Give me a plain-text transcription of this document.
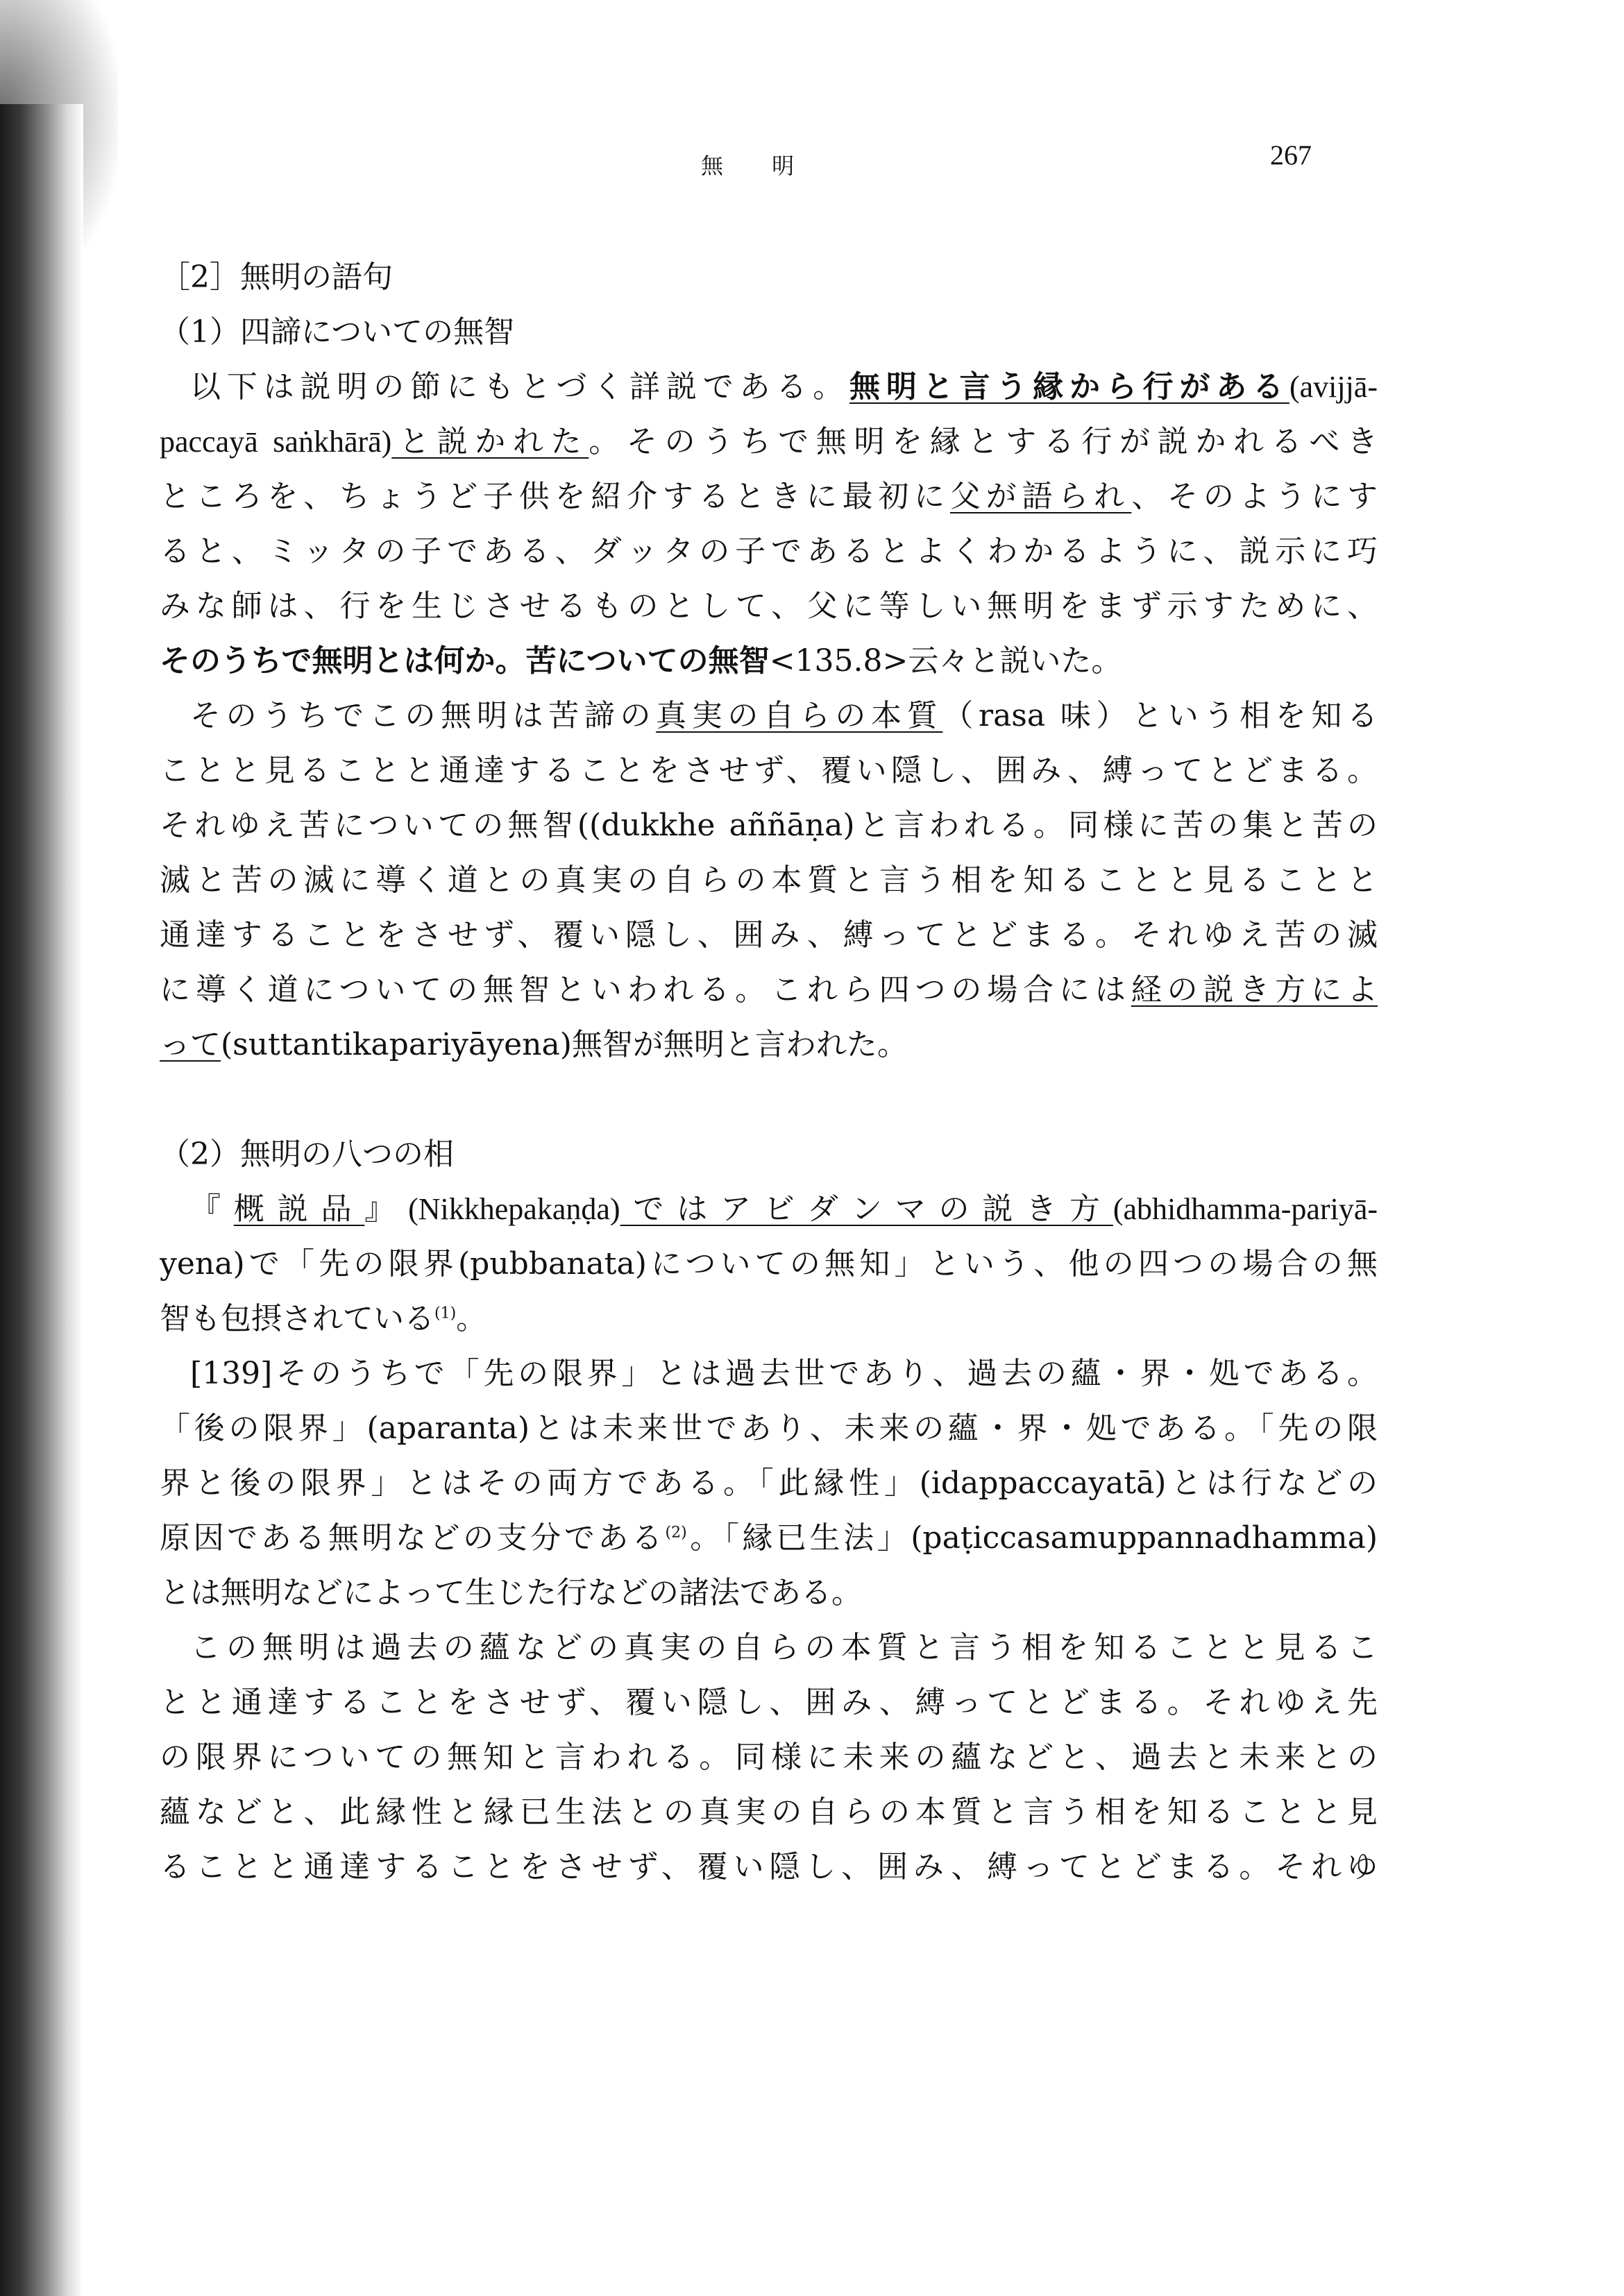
無 明	267
［2］無明の語句
（1）四諦についての無智
以下は説明の節にもとづく詳説である。無明と言う縁から行がある(avijjā-
paccayā saṅkhārā)と説かれた。そのうちで無明を縁とする行が説かれるべき
ところを、ちょうど子供を紹介するときに最初に父が語られ、そのようにす
ると、ミッタの子である、ダッタの子であるとよくわかるように、説示に巧
みな師は、行を生じさせるものとして、父に等しい無明をまず示すために、
そのうちで無明とは何か。苦についての無智<135.8>云々と説いた。
そのうちでこの無明は苦諦の真実の自らの本質（rasa 味）という相を知る
ことと見ることと通達することをさせず、覆い隠し、囲み、縛ってとどまる。
それゆえ苦についての無智((dukkhe aññāṇa)と言われる。同様に苦の集と苦の
滅と苦の滅に導く道との真実の自らの本質と言う相を知ることと見ることと
通達することをさせず、覆い隠し、囲み、縛ってとどまる。それゆえ苦の滅
に導く道についての無智といわれる。これら四つの場合には経の説き方によ
って(suttantikapariyāyena)無智が無明と言われた。
（2）無明の八つの相
『概説品』(Nikkhepakaṇḍa)ではアビダンマの説き方(abhidhamma-pariyā-
yena)で「先の限界(pubbanata)についての無知」という、他の四つの場合の無
智も包摂されている$^{(1)}$。
[139]そのうちで「先の限界」とは過去世であり、過去の蘊・界・処である。
「後の限界」(aparanta)とは未来世であり、未来の蘊・界・処である。「先の限
界と後の限界」とはその両方である。「此縁性」(idappaccayatā)とは行などの
原因である無明などの支分である$^{(2)}$。「縁已生法」(paṭiccasamuppannadhamma)
とは無明などによって生じた行などの諸法である。
この無明は過去の蘊などの真実の自らの本質と言う相を知ることと見るこ
とと通達することをさせず、覆い隠し、囲み、縛ってとどまる。それゆえ先
の限界についての無知と言われる。同様に未来の蘊などと、過去と未来との
蘊などと、此縁性と縁已生法との真実の自らの本質と言う相を知ることと見
ることと通達することをさせず、覆い隠し、囲み、縛ってとどまる。それゆ
